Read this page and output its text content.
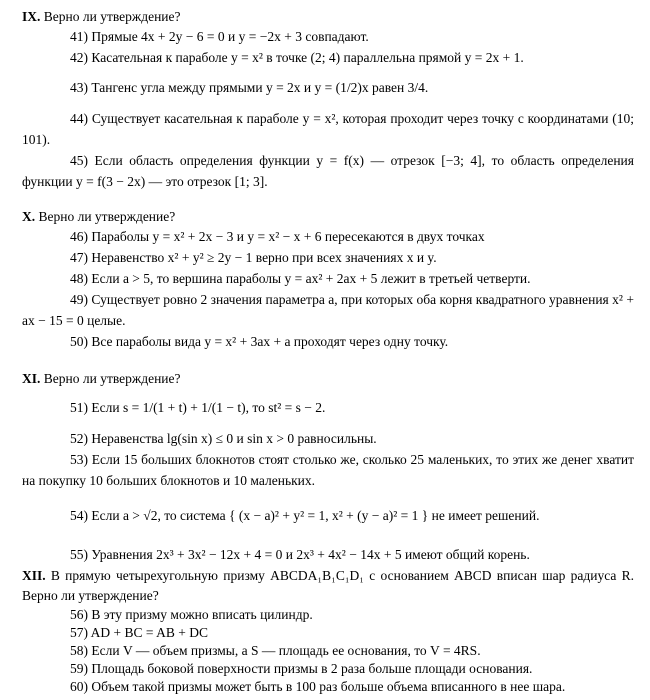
IX. Верно ли утверждение?
41) Прямые 4x + 2y − 6 = 0 и y = −2x + 3 совпадают.
42) Касательная к параболе y = x² в точке (2; 4) параллельна прямой y = 2x + 1.
43) Тангенс угла между прямыми y = 2x и y = (1/2)x равен 3/4.
44) Существует касательная к параболе y = x², которая проходит через точку с координатами (10; 101).
45) Если область определения функции y = f(x) — отрезок [−3; 4], то область определения функции y = f(3 − 2x) — это отрезок [1; 3].
X. Верно ли утверждение?
46) Параболы y = x² + 2x − 3 и y = x² − x + 6 пересекаются в двух точках
47) Неравенство x² + y² ≥ 2y − 1 верно при всех значениях x и y.
48) Если a > 5, то вершина параболы y = ax² + 2ax + 5 лежит в третьей четверти.
49) Существует ровно 2 значения параметра a, при которых оба корня квадратного уравнения x² + ax − 15 = 0 целые.
50) Все параболы вида y = x² + 3ax + a проходят через одну точку.
XI. Верно ли утверждение?
51) Если s = 1/(1 + t) + 1/(1 − t), то st² = s − 2.
52) Неравенства lg(sin x) ≤ 0 и sin x > 0 равносильны.
53) Если 15 больших блокнотов стоят столько же, сколько 25 маленьких, то этих же денег хватит на покупку 10 больших блокнотов и 10 маленьких.
54) Если a > √2, то система { (x − a)² + y² = 1, x² + (y − a)² = 1 } не имеет решений.
55) Уравнения 2x³ + 3x² − 12x + 4 = 0 и 2x³ + 4x² − 14x + 5 имеют общий корень.
XII. В прямую четырехугольную призму ABCDA₁B₁C₁D₁ с основанием ABCD вписан шар радиуса R. Верно ли утверждение?
56) В эту призму можно вписать цилиндр.
57) AD + BC = AB + DC
58) Если V — объем призмы, а S — площадь ее основания, то V = 4RS.
59) Площадь боковой поверхности призмы в 2 раза больше площади основания.
60) Объем такой призмы может быть в 100 раз больше объема вписанного в нее шара.
